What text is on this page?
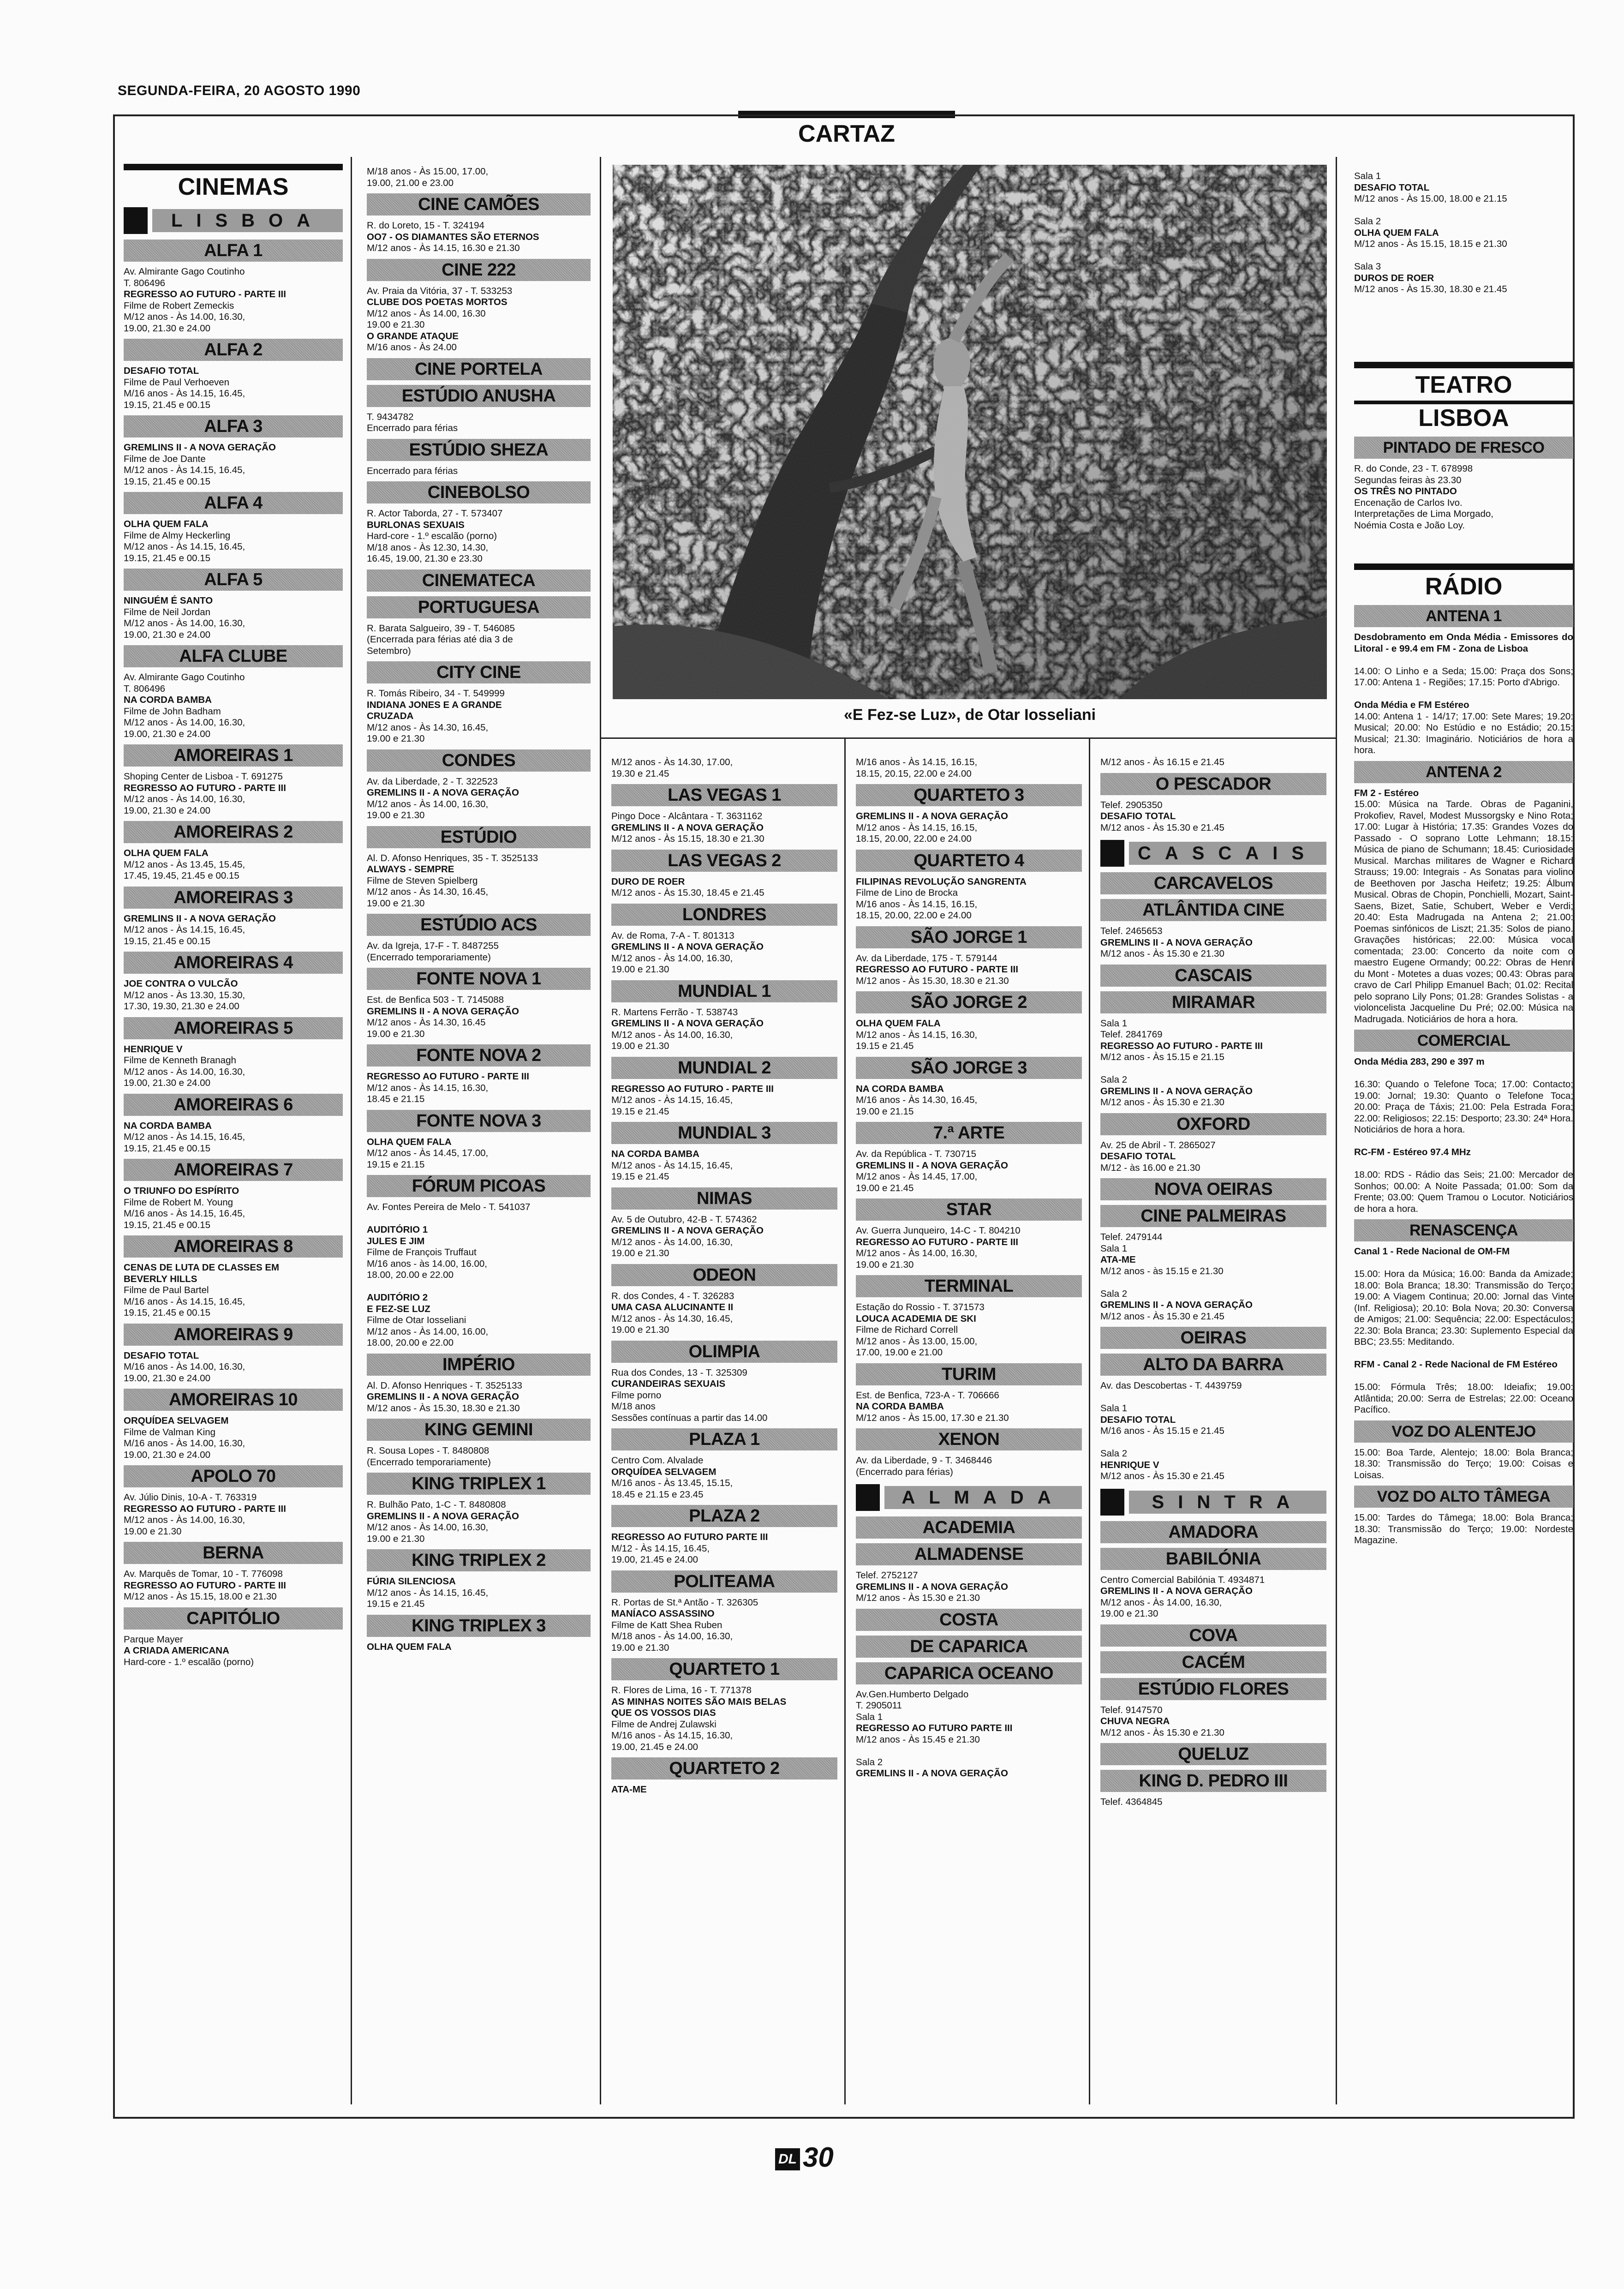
SEGUNDA-FEIRA, 20 AGOSTO 1990
CARTAZ
«E Fez-se Luz», de Otar Iosseliani
CINEMAS
LISBOA
ALFA 1

Av. Almirante Gago Coutinho

T. 806496

REGRESSO AO FUTURO - PARTE III

Filme de Robert Zemeckis

M/12 anos - Às 14.00, 16.30,

19.00, 21.30 e 24.00

ALFA 2

DESAFIO TOTAL

Filme de Paul Verhoeven

M/16 anos - Às 14.15, 16.45,

19.15, 21.45 e 00.15

ALFA 3

GREMLINS II - A NOVA GERAÇÃO

Filme de Joe Dante

M/12 anos - Às 14.15, 16.45,

19.15, 21.45 e 00.15

ALFA 4

OLHA QUEM FALA

Filme de Almy Heckerling

M/12 anos - Às 14.15, 16.45,

19.15, 21.45 e 00.15

ALFA 5

NINGUÉM É SANTO

Filme de Neil Jordan

M/12 anos - Às 14.00, 16.30,

19.00, 21.30 e 24.00

ALFA CLUBE

Av. Almirante Gago Coutinho

T. 806496

NA CORDA BAMBA

Filme de John Badham

M/12 anos - Às 14.00, 16.30,

19.00, 21.30 e 24.00

AMOREIRAS 1

Shoping Center de Lisboa - T. 691275

REGRESSO AO FUTURO - PARTE III

M/12 anos - Às 14.00, 16.30,

19.00, 21.30 e 24.00

AMOREIRAS 2

OLHA QUEM FALA

M/12 anos - Às 13.45, 15.45,

17.45, 19.45, 21.45 e 00.15

AMOREIRAS 3

GREMLINS II - A NOVA GERAÇÃO

M/12 anos - Às 14.15, 16.45,

19.15, 21.45 e 00.15

AMOREIRAS 4

JOE CONTRA O VULCÃO

M/12 anos - Às 13.30, 15.30,

17.30, 19.30, 21.30 e 24.00

AMOREIRAS 5

HENRIQUE V

Filme de Kenneth Branagh

M/12 anos - Às 14.00, 16.30,

19.00, 21.30 e 24.00

AMOREIRAS 6

NA CORDA BAMBA

M/12 anos - Às 14.15, 16.45,

19.15, 21.45 e 00.15

AMOREIRAS 7

O TRIUNFO DO ESPÍRITO

Filme de Robert M. Young

M/16 anos - Às 14.15, 16.45,

19.15, 21.45 e 00.15

AMOREIRAS 8

CENAS DE LUTA DE CLASSES EM

BEVERLY HILLS

Filme de Paul Bartel

M/16 anos - Às 14.15, 16.45,

19.15, 21.45 e 00.15

AMOREIRAS 9

DESAFIO TOTAL

M/16 anos - Às 14.00, 16.30,

19.00, 21.30 e 24.00

AMOREIRAS 10

ORQUÍDEA SELVAGEM

Filme de Valman King

M/16 anos - Às 14.00, 16.30,

19.00, 21.30 e 24.00

APOLO 70

Av. Júlio Dinis, 10-A - T. 763319

REGRESSO AO FUTURO - PARTE III

M/12 anos - Às 14.00, 16.30,

19.00 e 21.30

BERNA

Av. Marquês de Tomar, 10 - T. 776098

REGRESSO AO FUTURO - PARTE III

M/12 anos - Às 15.15, 18.00 e 21.30

CAPITÓLIO

Parque Mayer

A CRIADA AMERICANA

Hard-core - 1.º escalão (porno)

M/18 anos - Às 15.00, 17.00,

19.00, 21.00 e 23.00

CINE CAMÕES

R. do Loreto, 15 - T. 324194

OO7 - OS DIAMANTES SÃO ETERNOS

M/12 anos - Às 14.15, 16.30 e 21.30

CINE 222

Av. Praia da Vitória, 37 - T. 533253

CLUBE DOS POETAS MORTOS

M/12 anos - Às 14.00, 16.30

19.00 e 21.30

O GRANDE ATAQUE

M/16 anos - Às 24.00

CINE PORTELA
ESTÚDIO ANUSHA

T. 9434782

Encerrado para férias

ESTÚDIO SHEZA

Encerrado para férias

CINEBOLSO

R. Actor Taborda, 27 - T. 573407

BURLONAS SEXUAIS

Hard-core - 1.º escalão (porno)

M/18 anos - Às 12.30, 14.30,

16.45, 19.00, 21.30 e 23.30

CINEMATECA
PORTUGUESA

R. Barata Salgueiro, 39 - T. 546085

(Encerrada para férias até dia 3 de

Setembro)

CITY CINE

R. Tomás Ribeiro, 34 - T. 549999

INDIANA JONES E A GRANDE

CRUZADA

M/12 anos - Às 14.30, 16.45,

19.00 e 21.30

CONDES

Av. da Liberdade, 2 - T. 322523

GREMLINS II - A NOVA GERAÇÃO

M/12 anos - Às 14.00, 16.30,

19.00 e 21.30

ESTÚDIO

Al. D. Afonso Henriques, 35 - T. 3525133

ALWAYS - SEMPRE

Filme de Steven Spielberg

M/12 anos - Às 14.30, 16.45,

19.00 e 21.30

ESTÚDIO ACS

Av. da Igreja, 17-F - T. 8487255

(Encerrado temporariamente)

FONTE NOVA 1

Est. de Benfica 503 - T. 7145088

GREMLINS II - A NOVA GERAÇÃO

M/12 anos - Às 14.30, 16.45

19.00 e 21.30

FONTE NOVA 2

REGRESSO AO FUTURO - PARTE III

M/12 anos - Às 14.15, 16.30,

18.45 e 21.15

FONTE NOVA 3

OLHA QUEM FALA

M/12 anos - Às 14.45, 17.00,

19.15 e 21.15

FÓRUM PICOAS

Av. Fontes Pereira de Melo - T. 541037

AUDITÓRIO 1

JULES E JIM

Filme de François Truffaut

M/16 anos - às 14.00, 16.00,

18.00, 20.00 e 22.00

AUDITÓRIO 2

E FEZ-SE LUZ

Filme de Otar Iosseliani

M/12 anos - Às 14.00, 16.00,

18.00, 20.00 e 22.00

IMPÉRIO

Al. D. Afonso Henriques - T. 3525133

GREMLINS II - A NOVA GERAÇÃO

M/12 anos - Às 15.30, 18.30 e 21.30

KING GEMINI

R. Sousa Lopes - T. 8480808

(Encerrado temporariamente)

KING TRIPLEX 1

R. Bulhão Pato, 1-C - T. 8480808

GREMLINS II - A NOVA GERAÇÃO

M/12 anos - Às 14.00, 16.30,

19.00 e 21.30

KING TRIPLEX 2

FÚRIA SILENCIOSA

M/12 anos - Às 14.15, 16.45,

19.15 e 21.45

KING TRIPLEX 3

OLHA QUEM FALA

M/12 anos - Às 14.30, 17.00,

19.30 e 21.45

LAS VEGAS 1

Pingo Doce - Alcântara - T. 3631162

GREMLINS II - A NOVA GERAÇÃO

M/12 anos - Às 15.15, 18.30 e 21.30

LAS VEGAS 2

DURO DE ROER

M/12 anos - Às 15.30, 18.45 e 21.45

LONDRES

Av. de Roma, 7-A - T. 801313

GREMLINS II - A NOVA GERAÇÃO

M/12 anos - Às 14.00, 16.30,

19.00 e 21.30

MUNDIAL 1

R. Martens Ferrão - T. 538743

GREMLINS II - A NOVA GERAÇÃO

M/12 anos - Às 14.00, 16.30,

19.00 e 21.30

MUNDIAL 2

REGRESSO AO FUTURO - PARTE III

M/12 anos - Às 14.15, 16.45,

19.15 e 21.45

MUNDIAL 3

NA CORDA BAMBA

M/12 anos - Às 14.15, 16.45,

19.15 e 21.45

NIMAS

Av. 5 de Outubro, 42-B - T. 574362

GREMLINS II - A NOVA GERAÇÃO

M/12 anos - Às 14.00, 16.30,

19.00 e 21.30

ODEON

R. dos Condes, 4 - T. 326283

UMA CASA ALUCINANTE II

M/12 anos - Às 14.30, 16.45,

19.00 e 21.30

OLIMPIA

Rua dos Condes, 13 - T. 325309

CURANDEIRAS SEXUAIS

Filme porno

M/18 anos

Sessões contínuas a partir das 14.00

PLAZA 1

Centro Com. Alvalade

ORQUÍDEA SELVAGEM

M/16 anos - Às 13.45, 15.15,

18.45 e 21.15 e 23.45

PLAZA 2

REGRESSO AO FUTURO PARTE III

M/12 - Às 14.15, 16.45,

19.00, 21.45 e 24.00

POLITEAMA

R. Portas de St.ª Antão - T. 326305

MANÍACO ASSASSINO

Filme de Katt Shea Ruben

M/18 anos - Às 14.00, 16.30,

19.00 e 21.30

QUARTETO 1

R. Flores de Lima, 16 - T. 771378

AS MINHAS NOITES SÃO MAIS BELAS

QUE OS VOSSOS DIAS

Filme de Andrej Zulawski

M/16 anos - Às 14.15, 16.30,

19.00, 21.45 e 24.00

QUARTETO 2

ATA-ME

M/16 anos - Às 14.15, 16.15,

18.15, 20.15, 22.00 e 24.00

QUARTETO 3

GREMLINS II - A NOVA GERAÇÃO

M/12 anos - Às 14.15, 16.15,

18.15, 20.00, 22.00 e 24.00

QUARTETO 4

FILIPINAS REVOLUÇÃO SANGRENTA

Filme de Lino de Brocka

M/16 anos - Às 14.15, 16.15,

18.15, 20.00, 22.00 e 24.00

SÃO JORGE 1

Av. da Liberdade, 175 - T. 579144

REGRESSO AO FUTURO - PARTE III

M/12 anos - Às 15.30, 18.30 e 21.30

SÃO JORGE 2

OLHA QUEM FALA

M/12 anos - Às 14.15, 16.30,

19.15 e 21.45

SÃO JORGE 3

NA CORDA BAMBA

M/16 anos - Às 14.30, 16.45,

19.00 e 21.15

7.ª ARTE

Av. da República - T. 730715

GREMLINS II - A NOVA GERAÇÃO

M/12 anos - Às 14.45, 17.00,

19.00 e 21.45

STAR

Av. Guerra Junqueiro, 14-C - T. 804210

REGRESSO AO FUTURO - PARTE III

M/12 anos - Às 14.00, 16.30,

19.00 e 21.30

TERMINAL

Estação do Rossio - T. 371573

LOUCA ACADEMIA DE SKI

Filme de Richard Correll

M/12 anos - Às 13.00, 15.00,

17.00, 19.00 e 21.00

TURIM

Est. de Benfica, 723-A - T. 706666

NA CORDA BAMBA

M/12 anos - Às 15.00, 17.30 e 21.30

XENON

Av. da Liberdade, 9 - T. 3468446

(Encerrado para férias)

ALMADA
ACADEMIA
ALMADENSE

Telef. 2752127

GREMLINS II - A NOVA GERAÇÃO

M/12 anos - Às 15.30 e 21.30

COSTA
DE CAPARICA
CAPARICA OCEANO

Av.Gen.Humberto Delgado

T. 2905011

Sala 1

REGRESSO AO FUTURO PARTE III

M/12 anos - Às 15.45 e 21.30

Sala 2

GREMLINS II - A NOVA GERAÇÃO

M/12 anos - Às 16.15 e 21.45

O PESCADOR

Telef. 2905350

DESAFIO TOTAL

M/12 anos - Às 15.30 e 21.45

CASCAIS
CARCAVELOS
ATLÂNTIDA CINE

Telef. 2465653

GREMLINS II - A NOVA GERAÇÃO

M/12 anos - Às 15.30 e 21.30

CASCAIS
MIRAMAR

Sala 1

Telef. 2841769

REGRESSO AO FUTURO - PARTE III

M/12 anos - Às 15.15 e 21.15

Sala 2

GREMLINS II - A NOVA GERAÇÃO

M/12 anos - Às 15.30 e 21.30

OXFORD

Av. 25 de Abril - T. 2865027

DESAFIO TOTAL

M/12 - às 16.00 e 21.30

NOVA OEIRAS
CINE PALMEIRAS

Telef. 2479144

Sala 1

ATA-ME

M/12 anos - às 15.15 e 21.30

Sala 2

GREMLINS II - A NOVA GERAÇÃO

M/12 anos - Às 15.30 e 21.45

OEIRAS
ALTO DA BARRA

Av. das Descobertas - T. 4439759

Sala 1

DESAFIO TOTAL

M/16 anos - Às 15.15 e 21.45

Sala 2

HENRIQUE V

M/12 anos - Às 15.30 e 21.45

SINTRA
AMADORA
BABILÓNIA

Centro Comercial Babilónia T. 4934871

GREMLINS II - A NOVA GERAÇÃO

M/12 anos - Às 14.00, 16.30,

19.00 e 21.30

COVA
CACÉM
ESTÚDIO FLORES

Telef. 9147570

CHUVA NEGRA

M/12 anos - Às 15.30 e 21.30

QUELUZ
KING D. PEDRO III

Telef. 4364845

Sala 1

DESAFIO TOTAL

M/12 anos - Às 15.00, 18.00 e 21.15

Sala 2

OLHA QUEM FALA

M/12 anos - Às 15.15, 18.15 e 21.30

Sala 3

DUROS DE ROER

M/12 anos - Às 15.30, 18.30 e 21.45

TEATRO
LISBOA
PINTADO DE FRESCO

R. do Conde, 23 - T. 678998

Segundas feiras às 23.30

OS TRÊS NO PINTADO

Encenação de Carlos Ivo.

Interpretações de Lima Morgado,

Noémia Costa e João Loy.

RÁDIO
ANTENA 1

Desdobramento em Onda Média - Emissores do Litoral - e 99.4 em FM - Zona de Lisboa

14.00: O Linho e a Seda; 15.00: Praça dos Sons; 17.00: Antena 1 - Regiões; 17.15: Porto d'Abrigo.

Onda Média e FM Estéreo

14.00: Antena 1 - 14/17; 17.00: Sete Mares; 19.20: Musical; 20.00: No Estúdio e no Estádio; 20.15: Musical; 21.30: Imaginário. Noticiários de hora a hora.

ANTENA 2

FM 2 - Estéreo

15.00: Música na Tarde. Obras de Paganini, Prokofiev, Ravel, Modest Mussorgsky e Nino Rota; 17.00: Lugar à História; 17.35: Grandes Vozes do Passado - O soprano Lotte Lehmann; 18.15: Música de piano de Schumann; 18.45: Curiosidade Musical. Marchas militares de Wagner e Richard Strauss; 19.00: Integrais - As Sonatas para violino de Beethoven por Jascha Heifetz; 19.25: Álbum Musical. Obras de Chopin, Ponchielli, Mozart, Saint-Saens, Bizet, Satie, Schubert, Weber e Verdi; 20.40: Esta Madrugada na Antena 2; 21.00: Poemas sinfónicos de Liszt; 21.35: Solos de piano. Gravações históricas; 22.00: Música vocal comentada; 23.00: Concerto da noite com o maestro Eugene Ormandy; 00.22: Obras de Henri du Mont - Motetes a duas vozes; 00.43: Obras para cravo de Carl Philipp Emanuel Bach; 01.02: Recital pelo soprano Lily Pons; 01.28: Grandes Solistas - a violoncelista Jacqueline Du Pré; 02.00: Música na Madrugada. Noticiários de hora a hora.

COMERCIAL

Onda Média 283, 290 e 397 m

16.30: Quando o Telefone Toca; 17.00: Contacto; 19.00: Jornal; 19.30: Quanto o Telefone Toca; 20.00: Praça de Táxis; 21.00: Pela Estrada Fora; 22.00: Religiosos; 22.15: Desporto; 23.30: 24ª Hora. Noticiários de hora a hora.

RC-FM - Estéreo 97.4 MHz

18.00: RDS - Rádio das Seis; 21.00: Mercador de Sonhos; 00.00: A Noite Passada; 01.00: Som da Frente; 03.00: Quem Tramou o Locutor. Noticiários de hora a hora.

RENASCENÇA

Canal 1 - Rede Nacional de OM-FM

15.00: Hora da Música; 16.00: Banda da Amizade; 18.00: Bola Branca; 18.30: Transmissão do Terço; 19.00: A Viagem Continua; 20.00: Jornal das Vinte (Inf. Religiosa); 20.10: Bola Nova; 20.30: Conversa de Amigos; 21.00: Sequência; 22.00: Espectáculos; 22.30: Bola Branca; 23.30: Suplemento Especial da BBC; 23.55: Meditando.

RFM - Canal 2 - Rede Nacional de FM Estéreo

15.00: Fórmula Três; 18.00: Ideiafix; 19.00: Atlântida; 20.00: Serra de Estrelas; 22.00: Oceano Pacífico.

VOZ DO ALENTEJO

15.00: Boa Tarde, Alentejo; 18.00: Bola Branca; 18.30: Transmissão do Terço; 19.00: Coisas e Loisas.

VOZ DO ALTO TÂMEGA

15.00: Tardes do Tâmega; 18.00: Bola Branca; 18.30: Transmissão do Terço; 19.00: Nordeste Magazine.

DL 30
